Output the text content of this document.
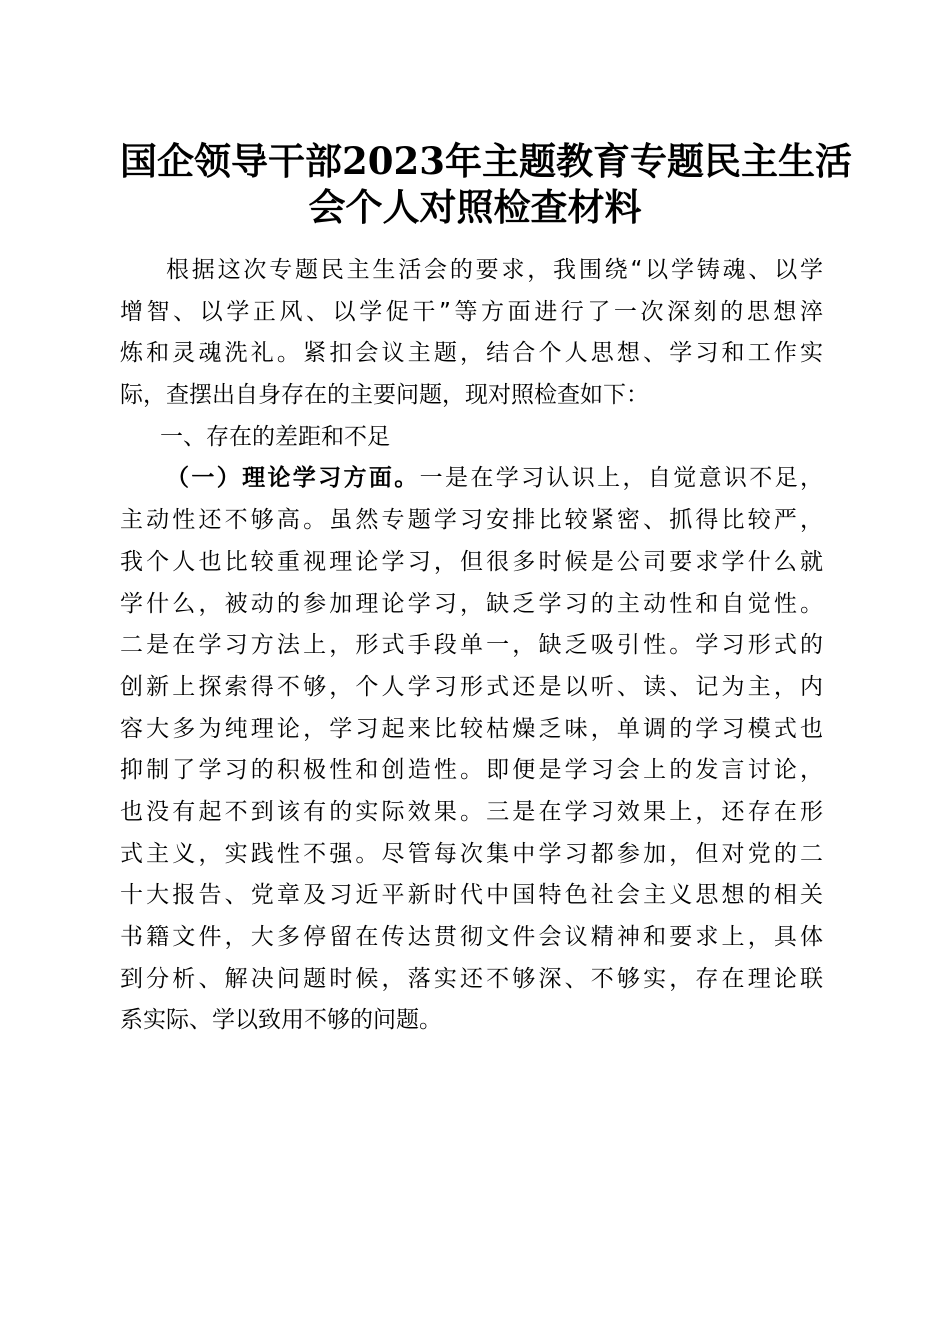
国企领导干部2023年主题教育专题民主生活
会个人对照检查材料
根据这次专题民主生活会的要求，我围绕“以学铸魂、以学
增智、以学正风、以学促干”等方面进行了一次深刻的思想淬
炼和灵魂洗礼。紧扣会议主题，结合个人思想、学习和工作实
际，查摆出自身存在的主要问题，现对照检查如下：
一、存在的差距和不足
（一）理论学习方面。一是在学习认识上，自觉意识不足，
主动性还不够高。虽然专题学习安排比较紧密、抓得比较严，
我个人也比较重视理论学习，但很多时候是公司要求学什么就
学什么，被动的参加理论学习，缺乏学习的主动性和自觉性。
二是在学习方法上，形式手段单一，缺乏吸引性。学习形式的
创新上探索得不够，个人学习形式还是以听、读、记为主，内
容大多为纯理论，学习起来比较枯燥乏味，单调的学习模式也
抑制了学习的积极性和创造性。即便是学习会上的发言讨论，
也没有起不到该有的实际效果。三是在学习效果上，还存在形
式主义，实践性不强。尽管每次集中学习都参加，但对党的二
十大报告、党章及习近平新时代中国特色社会主义思想的相关
书籍文件，大多停留在传达贯彻文件会议精神和要求上，具体
到分析、解决问题时候，落实还不够深、不够实，存在理论联
系实际、学以致用不够的问题。
